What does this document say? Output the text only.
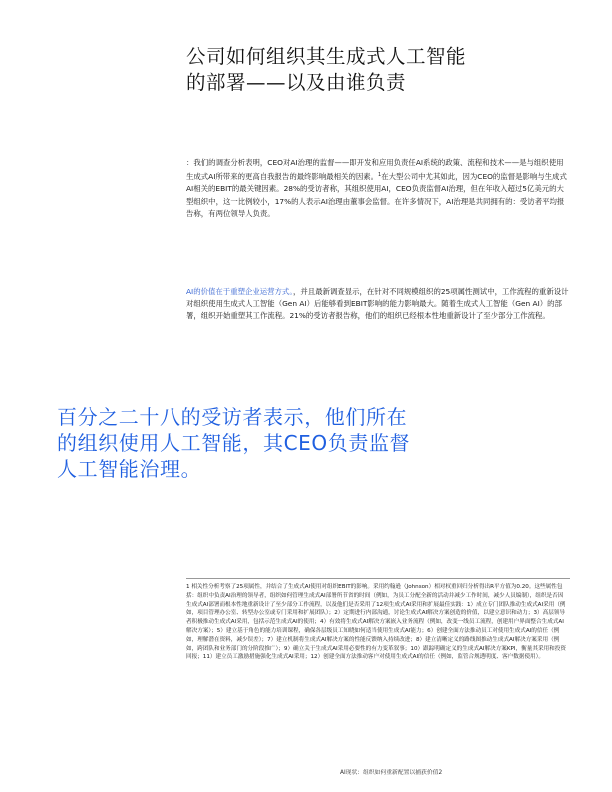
公司如何组织其生成式人工智能
的部署——以及由谁负责

：我们的调查分析表明，CEO对AI治理的监督——即开发和应用负责任AI系统的政策、流程和技术——是与组织使用生成式AI所带来的更高自我报告的最终影响最相关的因素。$^1$在大型公司中尤其如此，因为CEO的监督是影响与生成式AI相关的EBIT的最关键因素。28%的受访者称，其组织使用AI，CEO负责监督AI治理，但在年收入超过5亿美元的大型组织中，这一比例较小，17%的人表示AI治理由董事会监督。在许多情况下，AI治理是共同拥有的：受访者平均报告称，有两位领导人负责。

AI的价值在于重塑企业运营方式。，并且最新调查显示，在针对不同规模组织的25项属性测试中，工作流程的重新设计对组织使用生成式人工智能（Gen AI）后能够看到EBIT影响的能力影响最大。随着生成式人工智能（Gen AI）的部署，组织开始重塑其工作流程。21%的受访者报告称，他们的组织已经根本性地重新设计了至少部分工作流程。

百分之二十八的受访者表示，他们所在
的组织使用人工智能，其CEO负责监督
人工智能治理。

1 相关性分析考察了25项属性，并结合了生成式AI使用对组织EBIT的影响。采用约翰逊（Johnson）相对权重回归分析得出R平方值为0.20。这些属性包括：组织中负责AI治理的领导者，组织如何管理生成式AI部署所节省的时间（例如，为员工分配全新的活动并减少工作时间，减少人员编制），组织是否因生成式AI部署而根本性地重新设计了至少部分工作流程，以及他们是否采用了12项生成式AI采用和扩展最佳实践：1）成立专门团队推动生成式AI采用（例如，项目管理办公室、转型办公室或专门采用和扩展团队）；2）定期进行内部沟通，讨论生成式AI解决方案创造的价值，以建立意识和动力；3）高层领导者积极推动生成式AI采用，包括示范生成式AI的使用；4）有效将生成式AI解决方案嵌入业务流程（例如，改变一线员工流程，创建用户界面整合生成式AI解决方案）；5）建立基于角色的能力培训课程，确保各层级员工知晓如何适当使用生成式AI能力；6）创建全面方法推动员工对使用生成式AI的信任（例如，理解潜在资料，减少误差）；7）建立机制将生成式AI解决方案的性能反馈纳入持续改进；8）建立清晰定义的路线图推动生成式AI解决方案采用（例如，跨团队和业务部门的分阶段推广）；9）确立关于生成式AI采用必要性的有力变革叙事；10）跟踪明确定义的生成式AI解决方案KPI，衡量其采用和投资回报；11）建立员工激励措施强化生成式AI采用；12）创建全面方法推动客户对使用生成式AI的信任（例如，监管合规透明度、客户数据使用）。

AI现状：组织如何重新配置以捕获价值2
